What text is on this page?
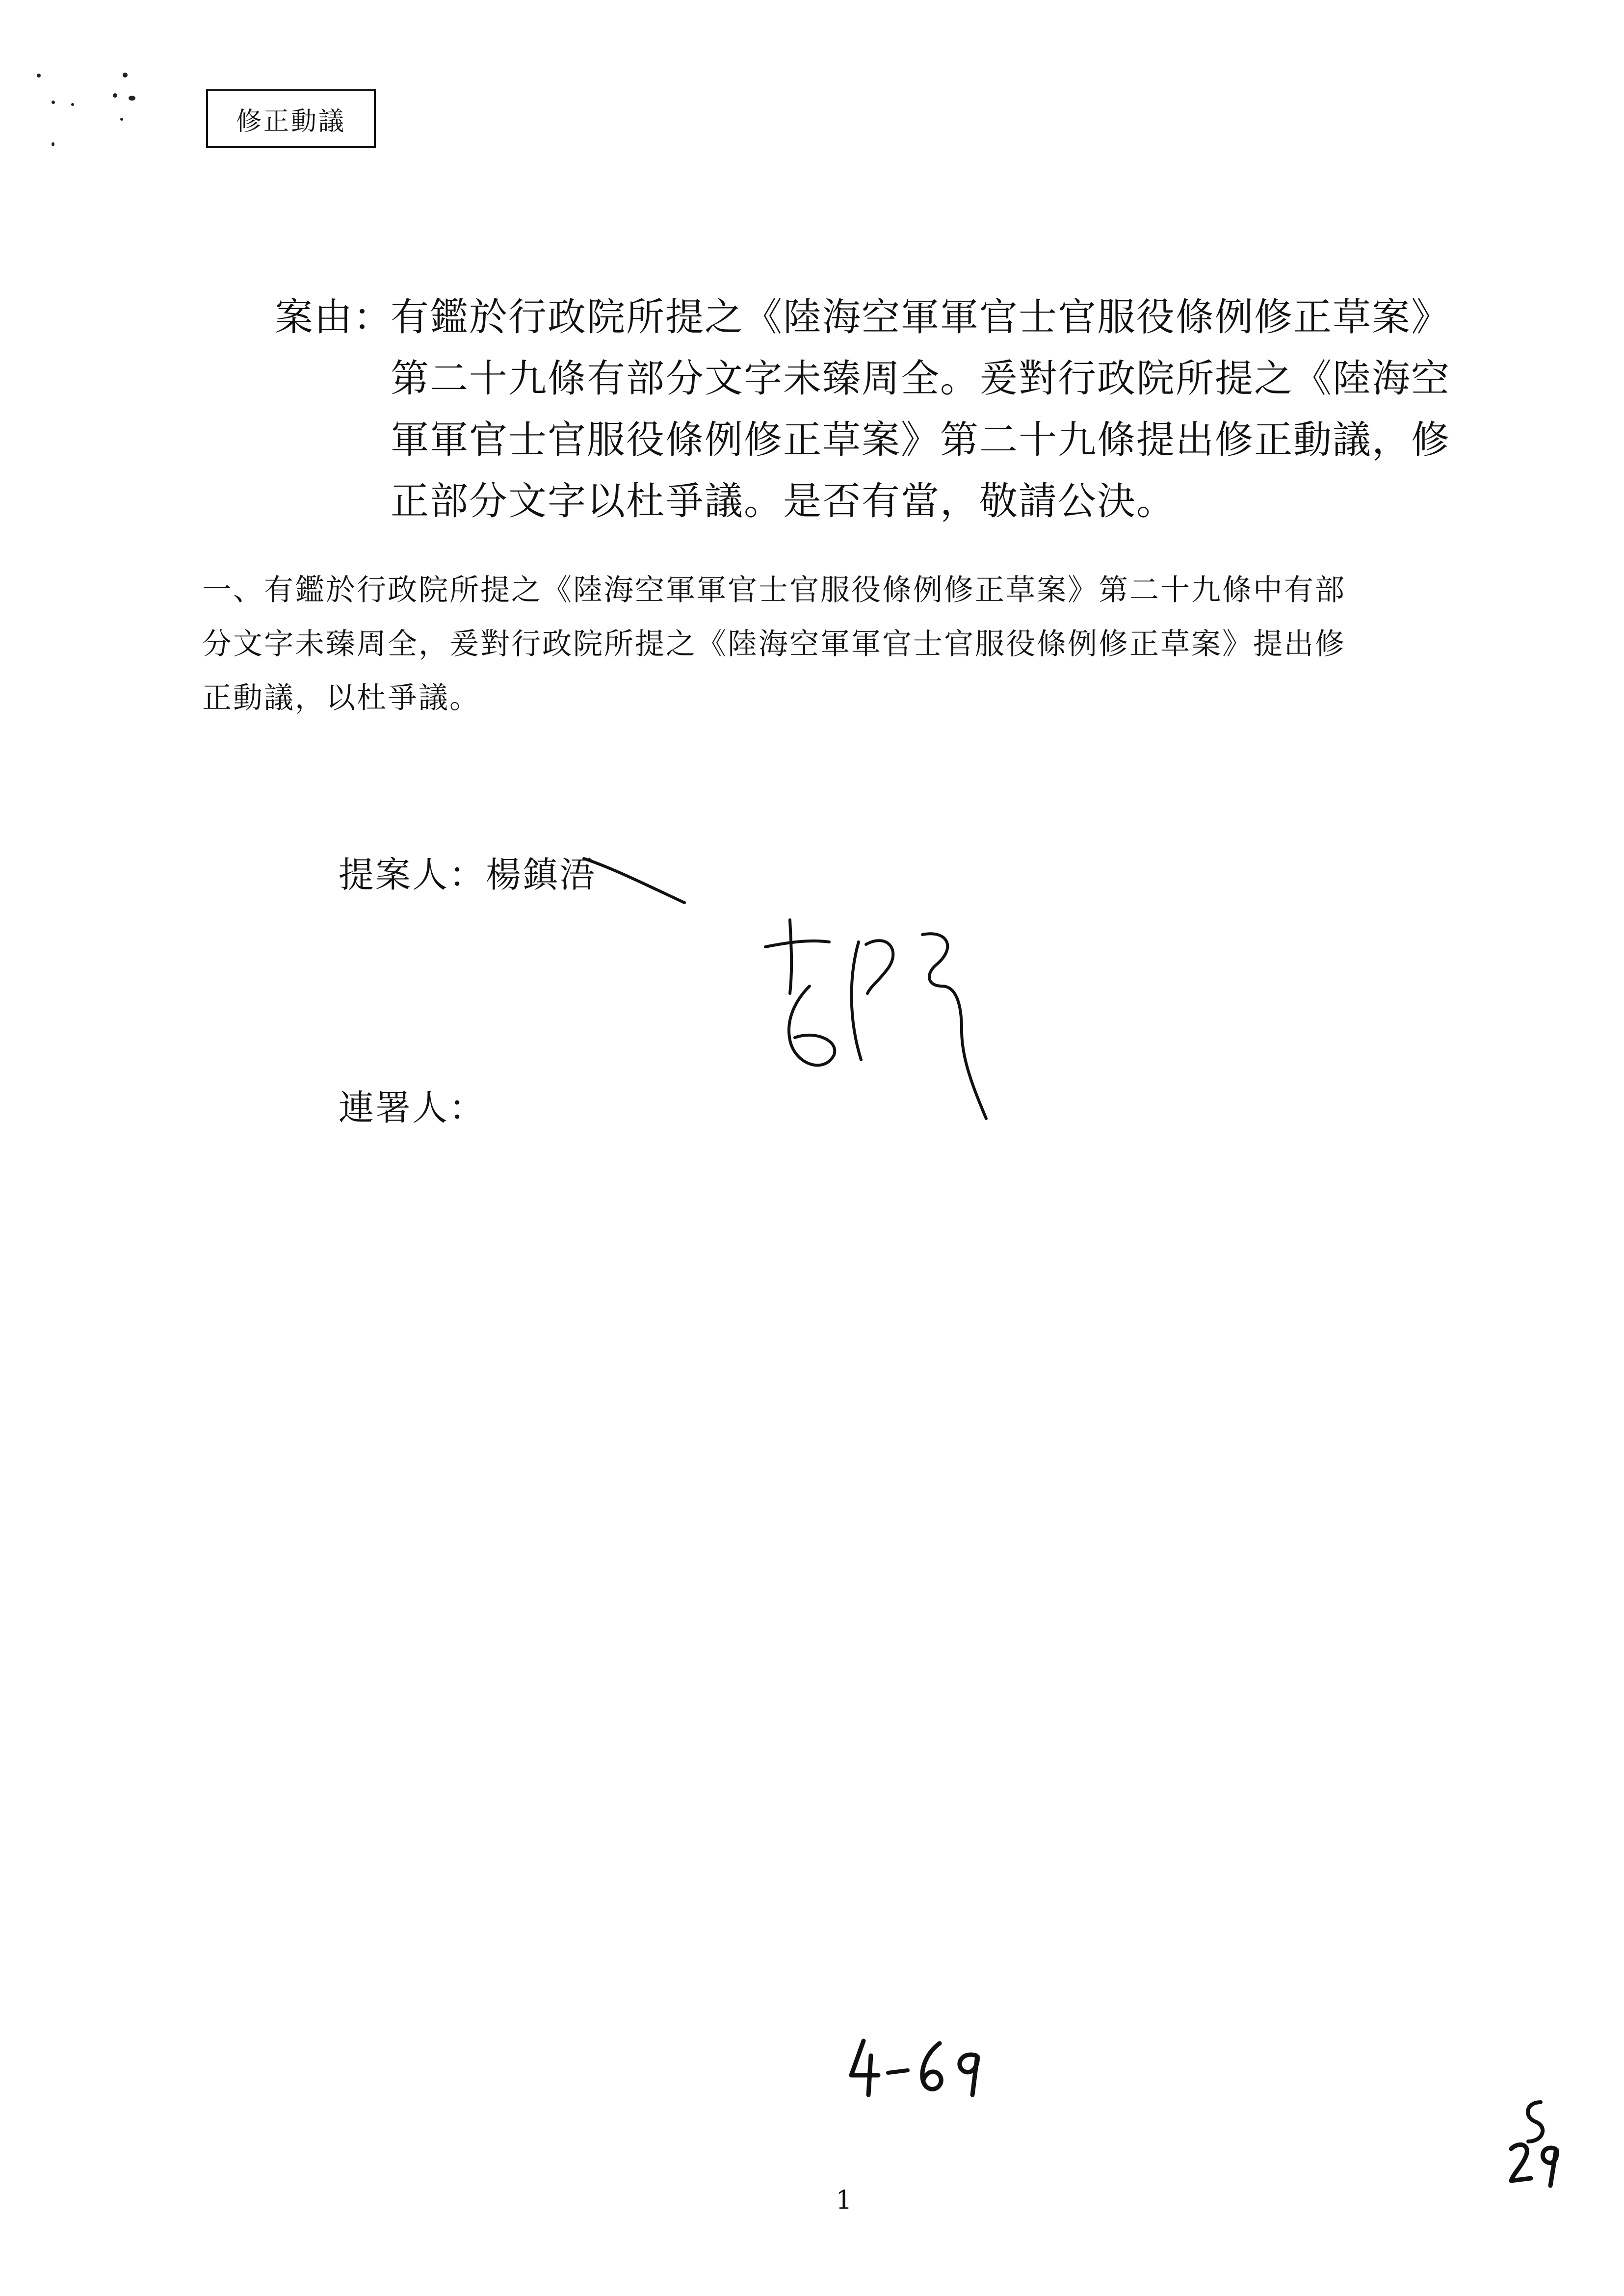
修正動議
案由：
有鑑於行政院所提之《陸海空軍軍官士官服役條例修正草案》
第二十九條有部分文字未臻周全。爰對行政院所提之《陸海空
軍軍官士官服役條例修正草案》第二十九條提出修正動議，修
正部分文字以杜爭議。是否有當，敬請公決。
一、有鑑於行政院所提之《陸海空軍軍官士官服役條例修正草案》第二十九條中有部
分文字未臻周全，爰對行政院所提之《陸海空軍軍官士官服役條例修正草案》提出修
正動議，以杜爭議。
提案人：楊鎮浯
連署人：
1
